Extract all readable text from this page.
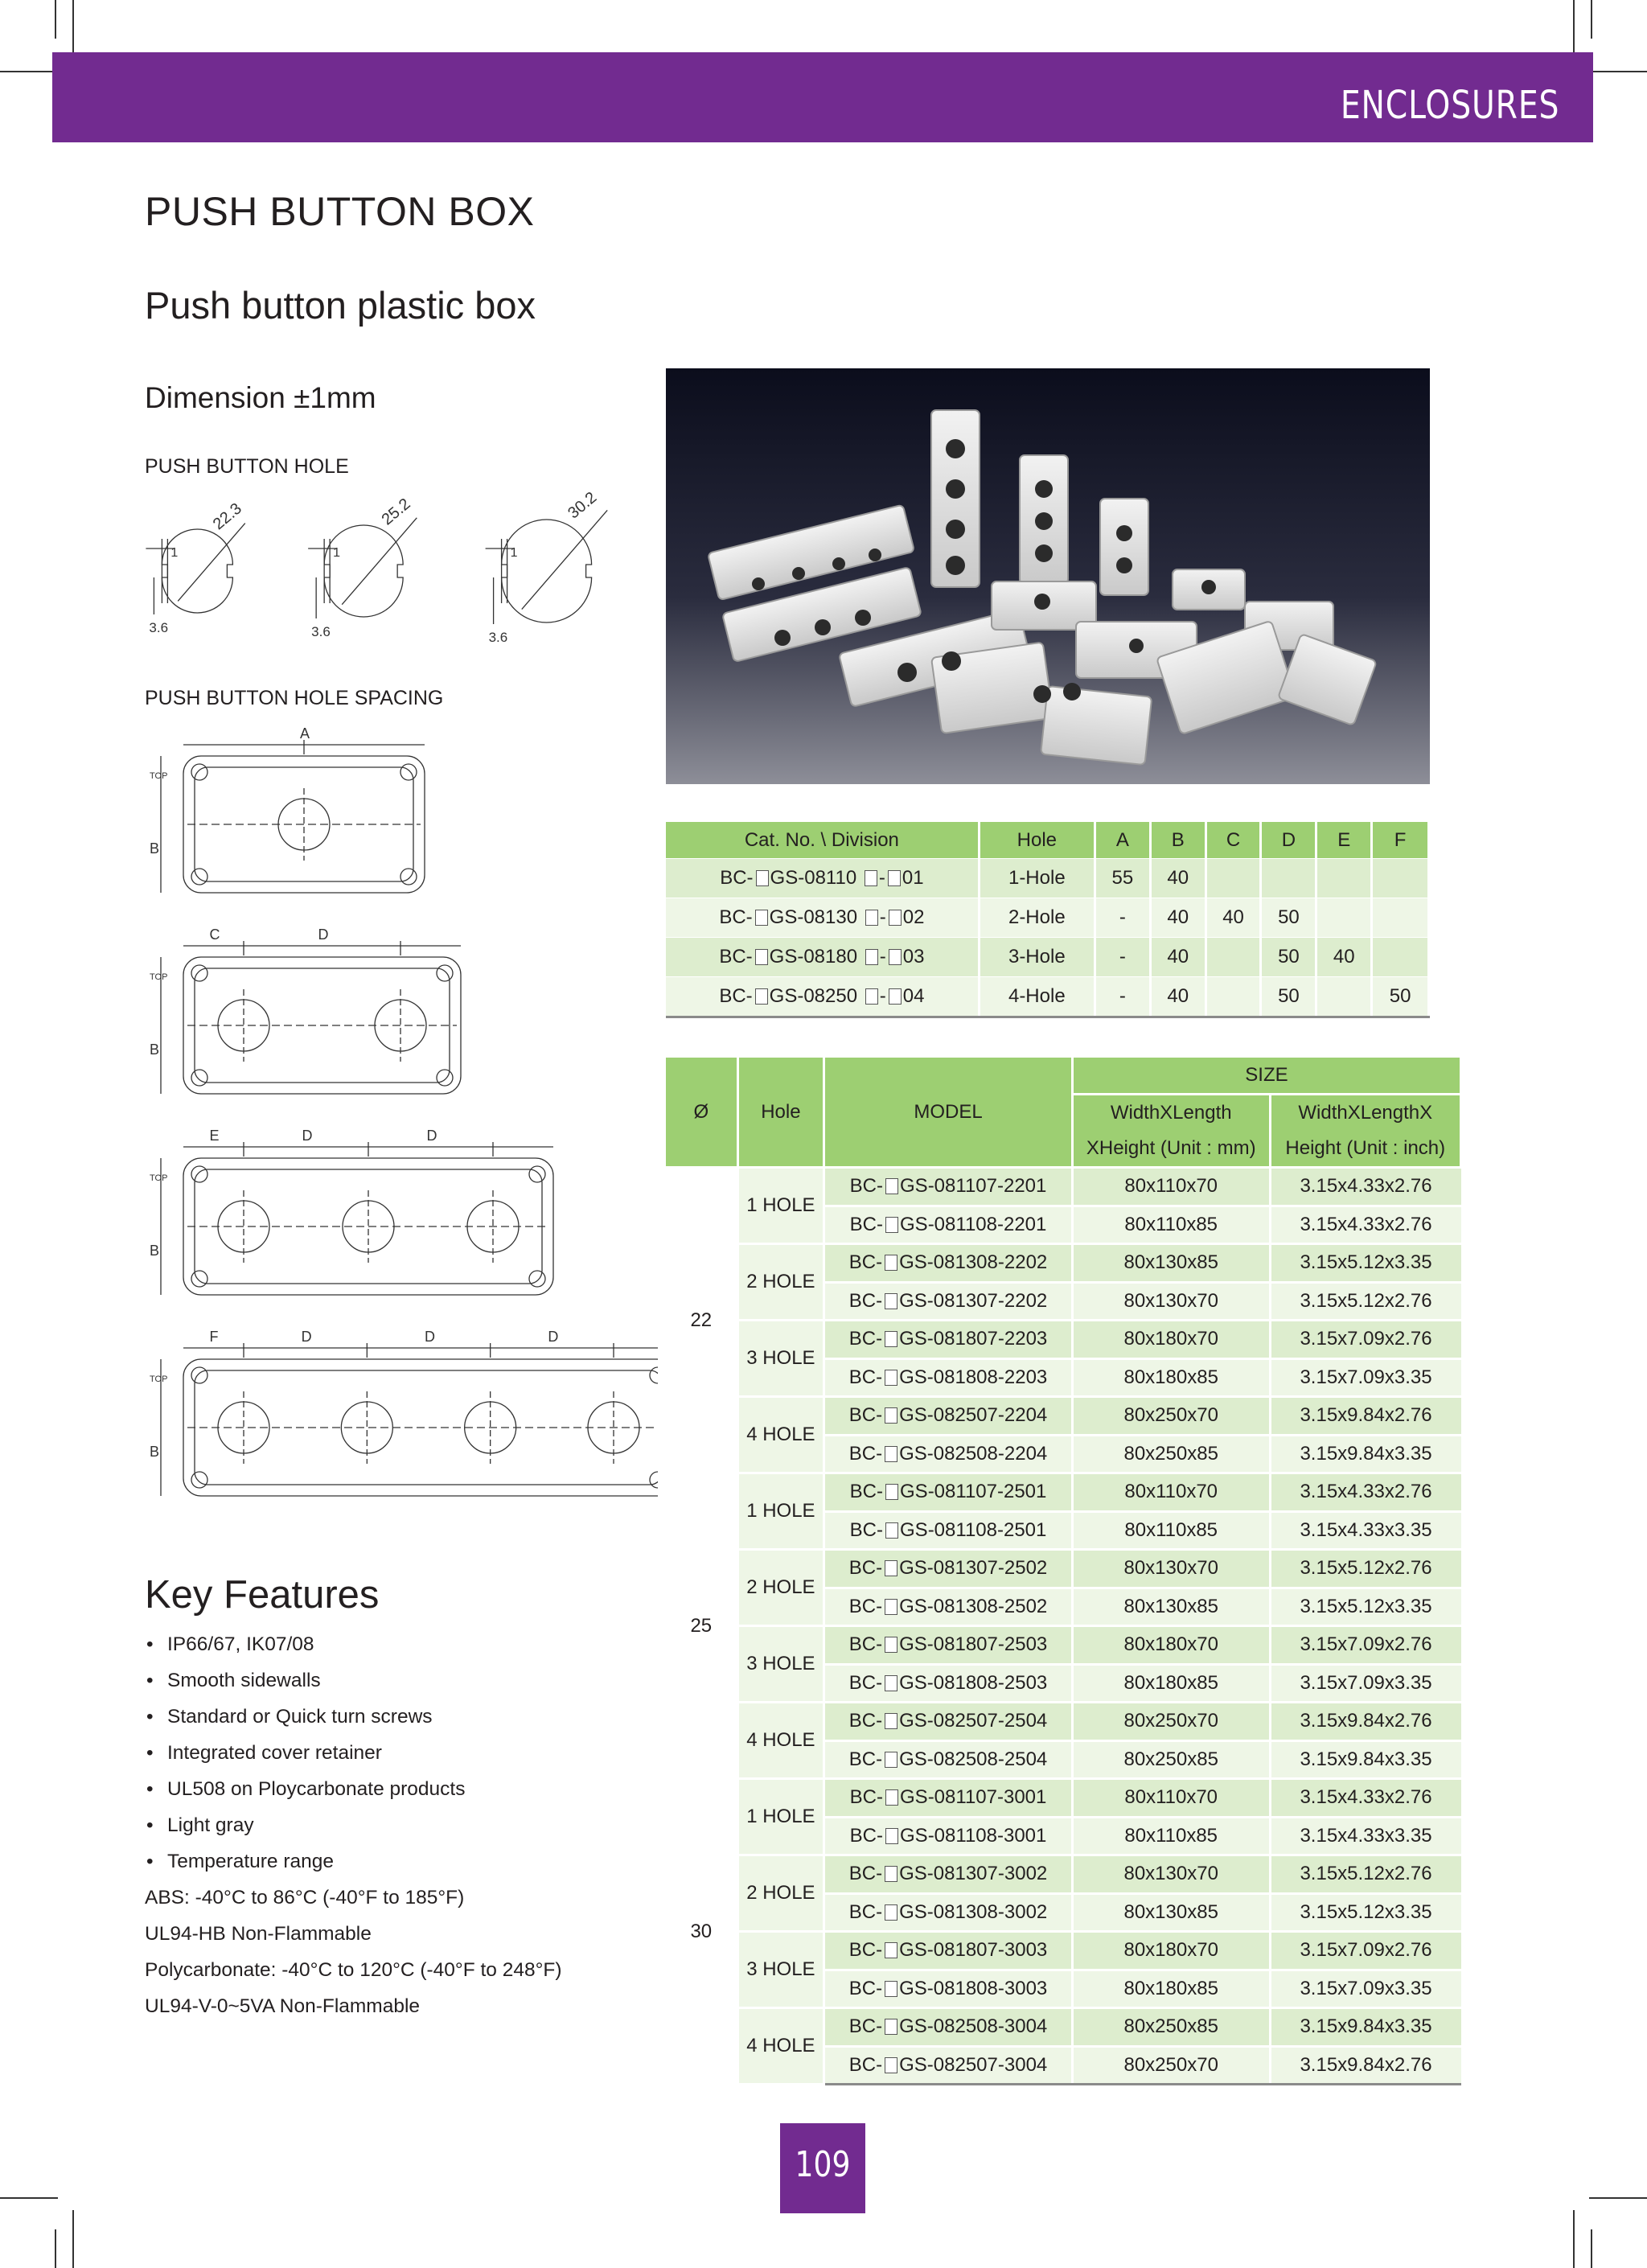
ENCLOSURES
PUSH BUTTON BOX
Push button plastic box
Dimension ±1mm
PUSH BUTTON HOLE
22.3
1
3.6
25.2
1
3.6
30.2
1
3.6
PUSH BUTTON HOLE SPACING
B
TOP
A
B
TOP
C	D
B
TOP
E	D	D
B
TOP
F	D	D	D
Cat. No. \ Division	Hole	A	B	C	D	E	F
BC- GS-08110 - 01	1-Hole	55	40				
BC- GS-08130 - 02	2-Hole	-	40	40	50		
BC- GS-08180 - 03	3-Hole	-	40		50	40	
BC- GS-08250 - 04	4-Hole	-	40		50		50
Ø	Hole	MODEL	SIZE	
			WidthXLength	WidthXLengthX
			XHeight (Unit : mm)	Height (Unit : inch)
22	1 HOLE	BC- GS-081107-2201	80x110x70	3.15x4.33x2.76
		BC- GS-081108-2201	80x110x85	3.15x4.33x2.76
	2 HOLE	BC- GS-081308-2202	80x130x85	3.15x5.12x3.35
		BC- GS-081307-2202	80x130x70	3.15x5.12x2.76
	3 HOLE	BC- GS-081807-2203	80x180x70	3.15x7.09x2.76
		BC- GS-081808-2203	80x180x85	3.15x7.09x3.35
	4 HOLE	BC- GS-082507-2204	80x250x70	3.15x9.84x2.76
		BC- GS-082508-2204	80x250x85	3.15x9.84x3.35
25	1 HOLE	BC- GS-081107-2501	80x110x70	3.15x4.33x2.76
		BC- GS-081108-2501	80x110x85	3.15x4.33x3.35
	2 HOLE	BC- GS-081307-2502	80x130x70	3.15x5.12x2.76
		BC- GS-081308-2502	80x130x85	3.15x5.12x3.35
	3 HOLE	BC- GS-081807-2503	80x180x70	3.15x7.09x2.76
		BC- GS-081808-2503	80x180x85	3.15x7.09x3.35
	4 HOLE	BC- GS-082507-2504	80x250x70	3.15x9.84x2.76
		BC- GS-082508-2504	80x250x85	3.15x9.84x3.35
30	1 HOLE	BC- GS-081107-3001	80x110x70	3.15x4.33x2.76
		BC- GS-081108-3001	80x110x85	3.15x4.33x3.35
	2 HOLE	BC- GS-081307-3002	80x130x70	3.15x5.12x2.76
		BC- GS-081308-3002	80x130x85	3.15x5.12x3.35
	3 HOLE	BC- GS-081807-3003	80x180x70	3.15x7.09x2.76
		BC- GS-081808-3003	80x180x85	3.15x7.09x3.35
	4 HOLE	BC- GS-082508-3004	80x250x85	3.15x9.84x3.35
		BC- GS-082507-3004	80x250x70	3.15x9.84x2.76
Key Features
• IP66/67, IK07/08
• Smooth sidewalls
• Standard or Quick turn screws
• Integrated cover retainer
• UL508 on Ploycarbonate products
• Light gray
• Temperature range
ABS: -40°C to 86°C (-40°F to 185°F)
UL94-HB Non-Flammable
Polycarbonate: -40°C to 120°C (-40°F to 248°F)
UL94-V-0~5VA Non-Flammable
109
